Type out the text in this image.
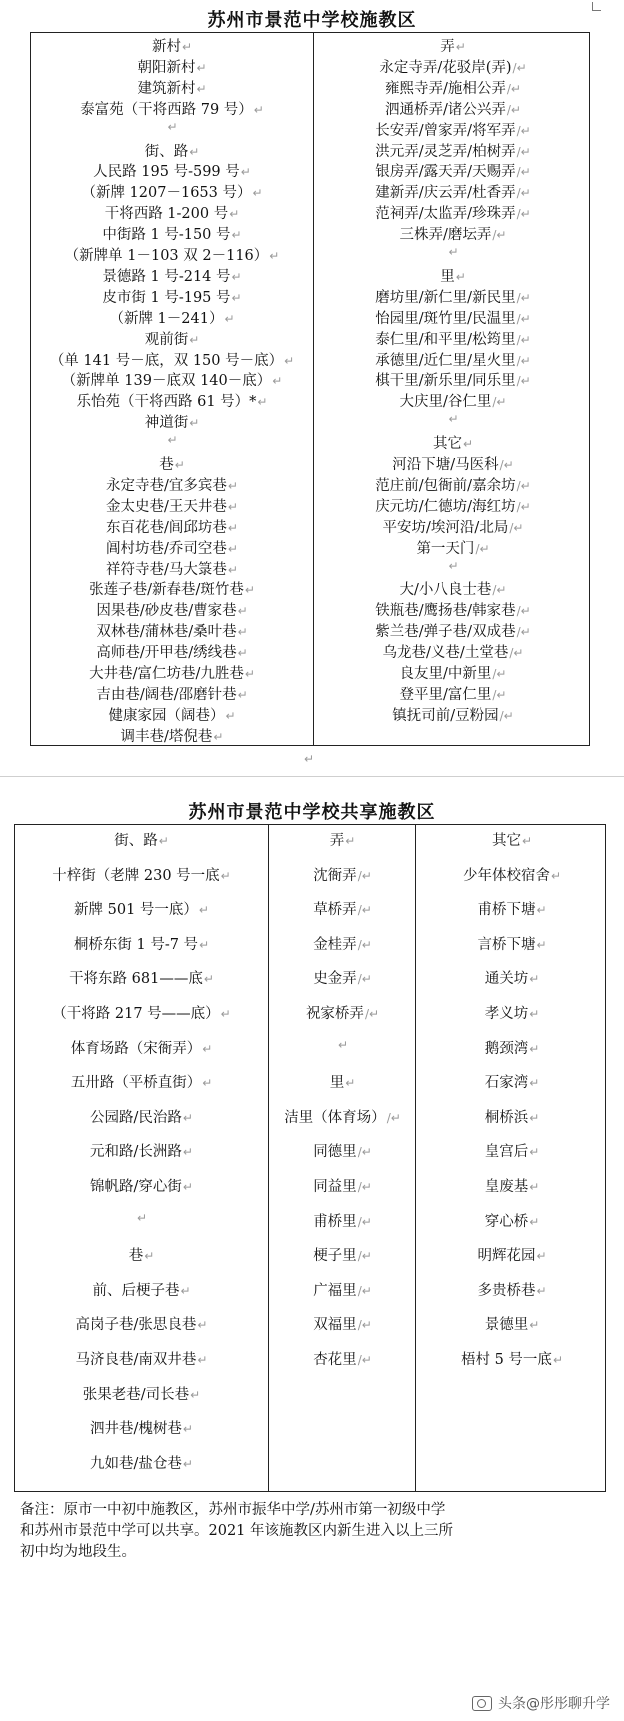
苏州市景范中学校施教区
新村↵
朝阳新村↵
建筑新村↵
泰富苑（干将西路 79 号）↵
↵
街、路↵
人民路 195 号-599 号↵
（新牌 1207－1653 号）↵
干将西路 1-200 号↵
中街路 1 号-150 号↵
（新牌单 1－103 双 2－116）↵
景德路 1 号-214 号↵
皮市街 1 号-195 号↵
（新牌 1－241）↵
观前街↵
（单 141 号－底，双 150 号－底）↵
（新牌单 139－底双 140－底）↵
乐怡苑（干将西路 61 号）*↵
神道街↵
↵
巷↵
永定寺巷/宜多宾巷↵
金太史巷/王天井巷↵
东百花巷/闾邱坊巷↵
阊村坊巷/乔司空巷↵
祥符寺巷/马大箓巷↵
张莲子巷/新春巷/斑竹巷↵
因果巷/砂皮巷/曹家巷↵
双林巷/蒲林巷/桑叶巷↵
高师巷/开甲巷/绣线巷↵
大井巷/富仁坊巷/九胜巷↵
吉由巷/阔巷/邵磨针巷↵
健康家园（阔巷）↵
调丰巷/塔倪巷↵
弄↵
永定寺弄/花驳岸(弄)/↵
雍熙寺弄/施相公弄/↵
泗通桥弄/诸公兴弄/↵
长安弄/曾家弄/将军弄/↵
洪元弄/灵芝弄/柏树弄/↵
银房弄/露天弄/天赐弄/↵
建新弄/庆云弄/杜香弄/↵
范祠弄/太监弄/珍珠弄/↵
三株弄/磨坛弄/↵
↵
里↵
磨坊里/新仁里/新民里/↵
怡园里/斑竹里/民温里/↵
泰仁里/和平里/松筠里/↵
承德里/近仁里/星火里/↵
棋干里/新乐里/同乐里/↵
大庆里/谷仁里/↵
↵
其它↵
河沿下塘/马医科/↵
范庄前/包衙前/嘉余坊/↵
庆元坊/仁德坊/海红坊/↵
平安坊/埃河沿/北局/↵
第一天门/↵
↵
大/小八良士巷/↵
铁瓶巷/鹰扬巷/韩家巷/↵
紫兰巷/弹子巷/双成巷/↵
乌龙巷/义巷/土堂巷/↵
良友里/中新里/↵
登平里/富仁里/↵
镇抚司前/豆粉园/↵
↵
苏州市景范中学校共享施教区
街、路↵
十梓街（老牌 230 号一底↵
新牌 501 号一底）↵
桐桥东街 1 号-7 号↵
干将东路 681——底↵
（干将路 217 号——底）↵
体育场路（宋衙弄）↵
五卅路（平桥直街）↵
公园路/民治路↵
元和路/长洲路↵
锦帆路/穿心街↵
↵
巷↵
前、后梗子巷↵
高岗子巷/张思良巷↵
马济良巷/南双井巷↵
张果老巷/司长巷↵
泗井巷/槐树巷↵
九如巷/盐仓巷↵
弄↵
沈衙弄/↵
草桥弄/↵
金桂弄/↵
史金弄/↵
祝家桥弄/↵
↵
里↵
洁里（体育场）/↵
同德里/↵
同益里/↵
甫桥里/↵
梗子里/↵
广福里/↵
双福里/↵
杏花里/↵
其它↵
少年体校宿舍↵
甫桥下塘↵
言桥下塘↵
通关坊↵
孝义坊↵
鹅颈湾↵
石家湾↵
桐桥浜↵
皇宫后↵
皇废基↵
穿心桥↵
明辉花园↵
多贵桥巷↵
景德里↵
梧村 5 号一底↵
备注：原市一中初中施教区，苏州市振华中学/苏州市第一初级中学
和苏州市景范中学可以共享。2021 年该施教区内新生进入以上三所
初中均为地段生。
头条@彤彤聊升学
